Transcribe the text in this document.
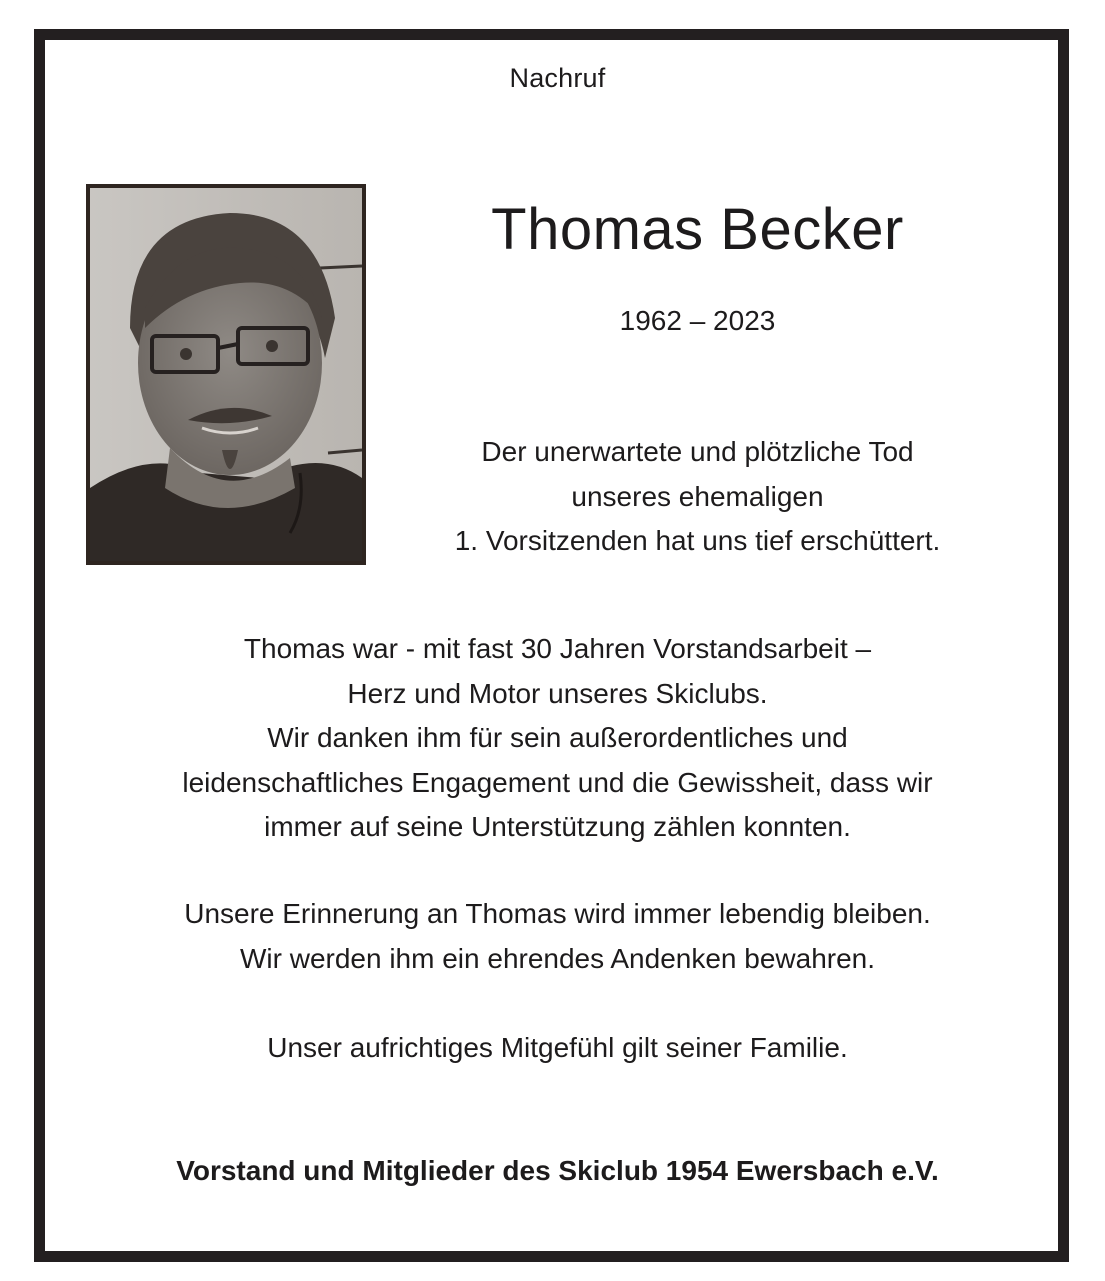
Nachruf
Thomas Becker
1962 – 2023
Der unerwartete und plötzliche Tod
unseres ehemaligen
1. Vorsitzenden hat uns tief erschüttert.
Thomas war - mit fast 30 Jahren Vorstandsarbeit –
Herz und Motor unseres Skiclubs.
Wir danken ihm für sein außerordentliches und
leidenschaftliches Engagement und die Gewissheit, dass wir
immer auf seine Unterstützung zählen konnten.
Unsere Erinnerung an Thomas wird immer lebendig bleiben.
Wir werden ihm ein ehrendes Andenken bewahren.
Unser aufrichtiges Mitgefühl gilt seiner Familie.
Vorstand und Mitglieder des Skiclub 1954 Ewersbach e.V.
